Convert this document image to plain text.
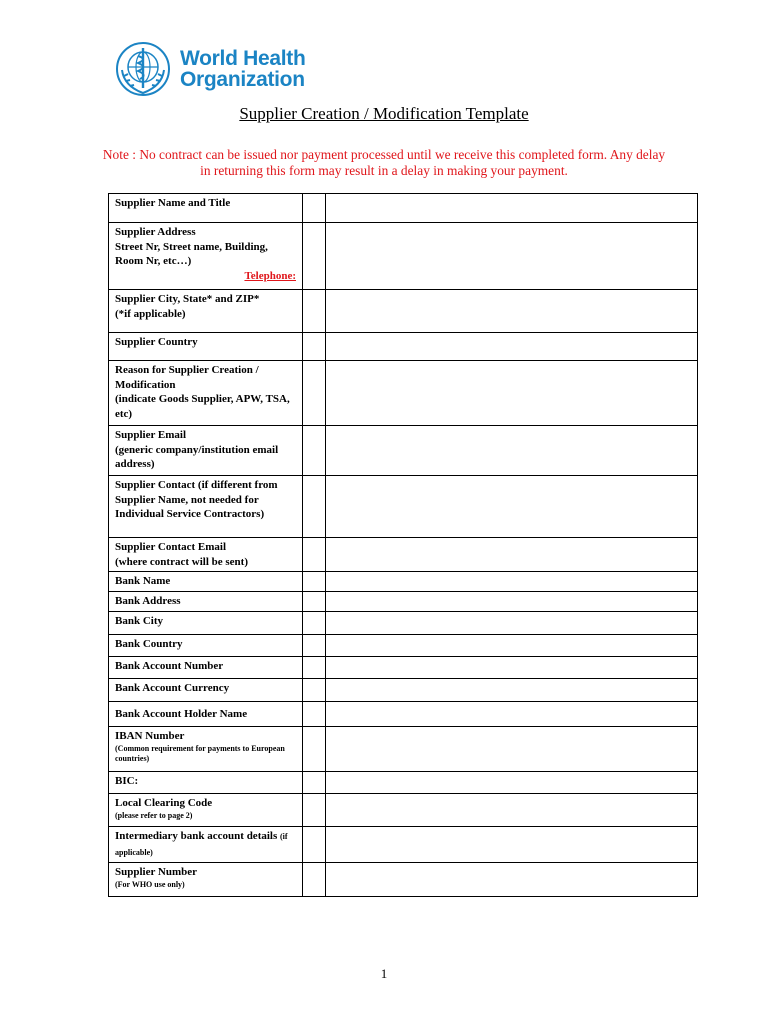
World Health
Organization
Supplier Creation / Modification Template
Note : No contract can be issued nor payment processed until we receive this completed form. Any delay in returning this form may result in a delay in making your payment.
Supplier Name and Title		

Supplier Address
Street Nr, Street name, Building, Room Nr, etc…)
Telephone:		

Supplier City, State* and ZIP*
(*if applicable)		

Supplier Country		

Reason for Supplier Creation / Modification
(indicate Goods Supplier, APW, TSA, etc)		

Supplier Email
(generic company/institution email address)		

Supplier Contact (if different from Supplier Name, not needed for Individual Service Contractors)		

Supplier Contact Email
(where contract will be sent)		

Bank Name		

Bank Address		

Bank City		

Bank Country		

Bank Account Number		

Bank Account Currency		

Bank Account Holder Name		

IBAN Number
(Common requirement for payments to European countries)		

BIC:		

Local Clearing Code
(please refer to page 2)		

Intermediary bank account details (if applicable)		

Supplier Number
(For WHO use only)		

1
